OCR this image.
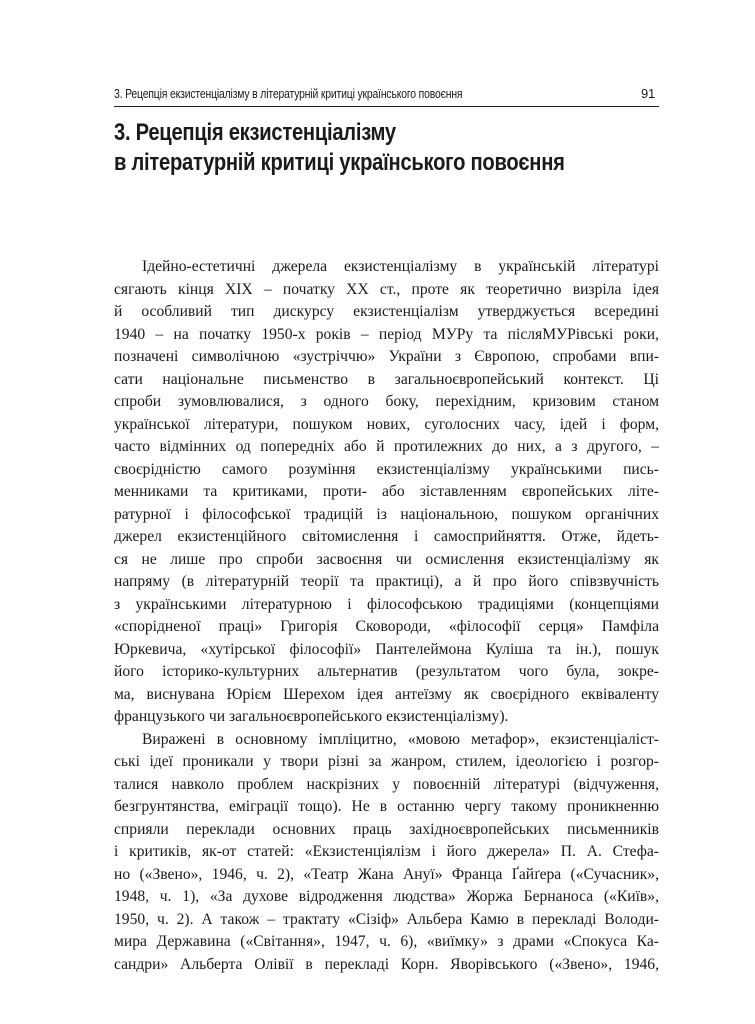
3. Рецепція екзистенціалізму в літературній критиці українського повоєння	91
3. Рецепція екзистенціалізму
в літературній критиці українського повоєння
Ідейно-естетичні джерела екзистенціалізму в українській літературі
сягають кінця XIX – початку XX ст., проте як теоретично визріла ідея
й особливий тип дискурсу екзистенціалізм утверджується всередині
1940 – на початку 1950-х років – період МУРу та післяМУРівські роки,
позначені символічною «зустріччю» України з Європою, спробами впи-
сати національне письменство в загальноєвропейський контекст. Ці
спроби зумовлювалися, з одного боку, перехідним, кризовим станом
української літератури, пошуком нових, суголосних часу, ідей і форм,
часто відмінних од попередніх або й протилежних до них, а з другого, –
своєрідністю самого розуміння екзистенціалізму українськими пись-
менниками та критиками, проти- або зіставленням європейських літе-
ратурної і філософської традицій із національною, пошуком органічних
джерел екзистенційного світомислення і самосприйняття. Отже, йдеть-
ся не лише про спроби засвоєння чи осмислення екзистенціалізму як
напряму (в літературній теорії та практиці), а й про його співзвучність
з українськими літературною і філософською традиціями (концепціями
«спорідненої праці» Григорія Сковороди, «філософії серця» Памфіла
Юркевича, «хутірської філософії» Пантелеймона Куліша та ін.), пошук
його історико-культурних альтернатив (результатом чого була, зокре-
ма, виснувана Юрієм Шерехом ідея антеїзму як своєрідного еквіваленту
французького чи загальноєвропейського екзистенціалізму).
Виражені в основному імпліцитно, «мовою метафор», екзистенціаліст-
ські ідеї проникали у твори різні за жанром, стилем, ідеологією і розгор-
талися навколо проблем наскрізних у повоєнній літературі (відчуження,
безгрунтянства, еміграції тощо). Не в останню чергу такому проникненню
сприяли переклади основних праць західноєвропейських письменників
і критиків, як-от статей: «Екзистенціялізм і його джерела» П. А. Стефа-
но («Звено», 1946, ч. 2), «Театр Жана Ануї» Франца Ґайґера («Сучасник»,
1948, ч. 1), «За духове відродження людства» Жоржа Бернаноса («Київ»,
1950, ч. 2). А також – трактату «Сізіф» Альбера Камю в перекладі Володи-
мира Державина («Світання», 1947, ч. 6), «виїмку» з драми «Спокуса Ка-
сандри» Альберта Олівії в перекладі Корн. Яворівського («Звено», 1946,
